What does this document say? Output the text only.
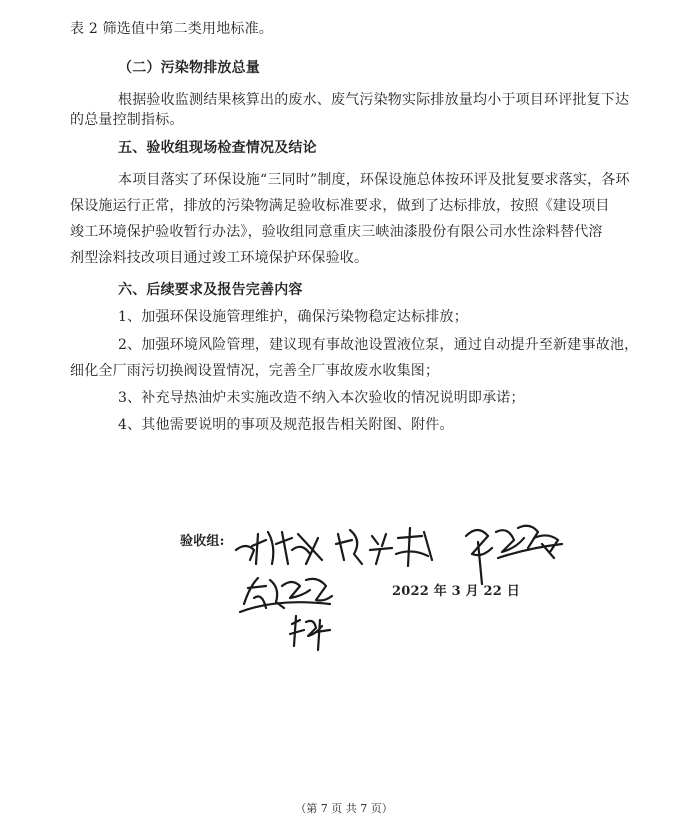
表 2 筛选值中第二类用地标准。
（二）污染物排放总量
根据验收监测结果核算出的废水、废气污染物实际排放量均小于项目环评批复下达
的总量控制指标。
五、验收组现场检查情况及结论
本项目落实了环保设施“三同时”制度，环保设施总体按环评及批复要求落实，各环
保设施运行正常，排放的污染物满足验收标准要求，做到了达标排放，按照《建设项目
竣工环境保护验收暂行办法》，验收组同意重庆三峡油漆股份有限公司水性涂料替代溶
剂型涂料技改项目通过竣工环境保护环保验收。
六、后续要求及报告完善内容
1、加强环保设施管理维护，确保污染物稳定达标排放；
2、加强环境风险管理，建议现有事故池设置液位泵，通过自动提升至新建事故池，
细化全厂雨污切换阀设置情况，完善全厂事故废水收集图；
3、补充导热油炉未实施改造不纳入本次验收的情况说明即承诺；
4、其他需要说明的事项及规范报告相关附图、附件。
验收组:
2022 年 3 月 22 日
（第 7 页 共 7 页）
